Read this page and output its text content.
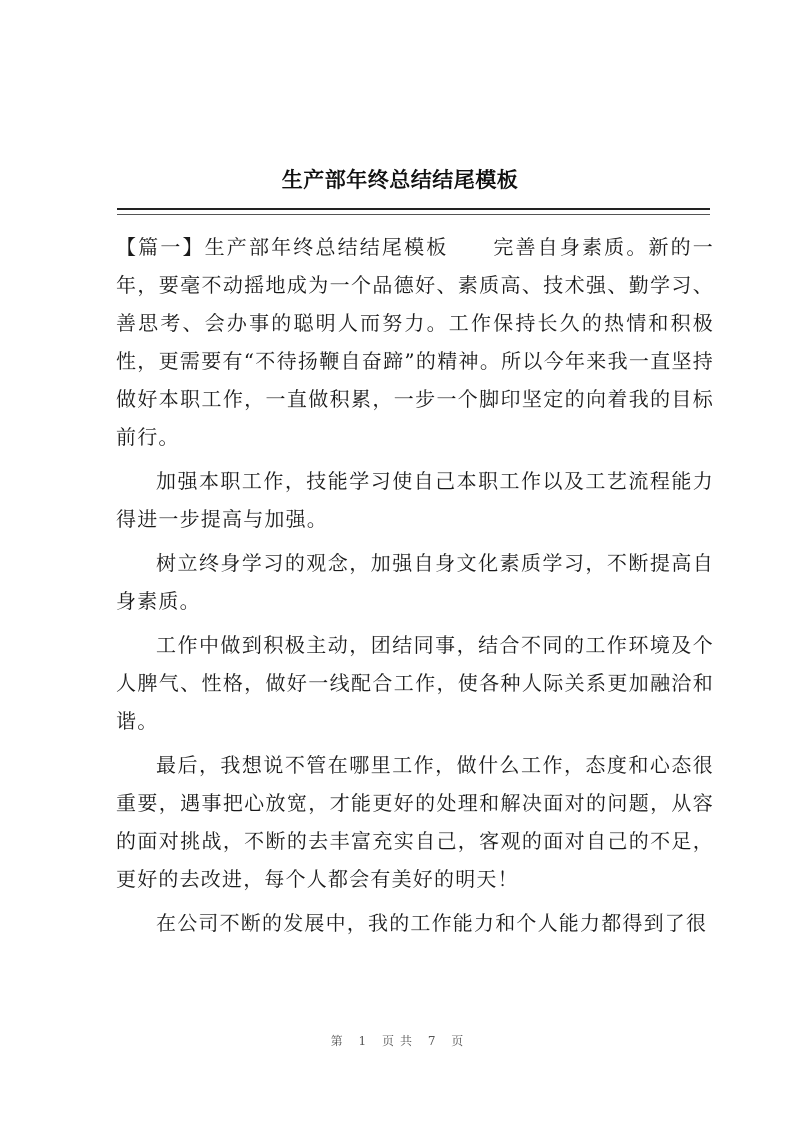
生产部年终总结结尾模板

【篇一】生产部年终总结结尾模板 完善自身素质。新的一年，要毫不动摇地成为一个品德好、素质高、技术强、勤学习、善思考、会办事的聪明人而努力。工作保持长久的热情和积极性，更需要有“不待扬鞭自奋蹄”的精神。所以今年来我一直坚持做好本职工作，一直做积累，一步一个脚印坚定的向着我的目标前行。

加强本职工作，技能学习使自己本职工作以及工艺流程能力得进一步提高与加强。

树立终身学习的观念，加强自身文化素质学习，不断提高自身素质。

工作中做到积极主动，团结同事，结合不同的工作环境及个人脾气、性格，做好一线配合工作，使各种人际关系更加融洽和谐。

最后，我想说不管在哪里工作，做什么工作，态度和心态很重要，遇事把心放宽，才能更好的处理和解决面对的问题，从容的面对挑战，不断的去丰富充实自己，客观的面对自己的不足，更好的去改进，每个人都会有美好的明天！

在公司不断的发展中，我的工作能力和个人能力都得到了很

第 1 页共 7 页
